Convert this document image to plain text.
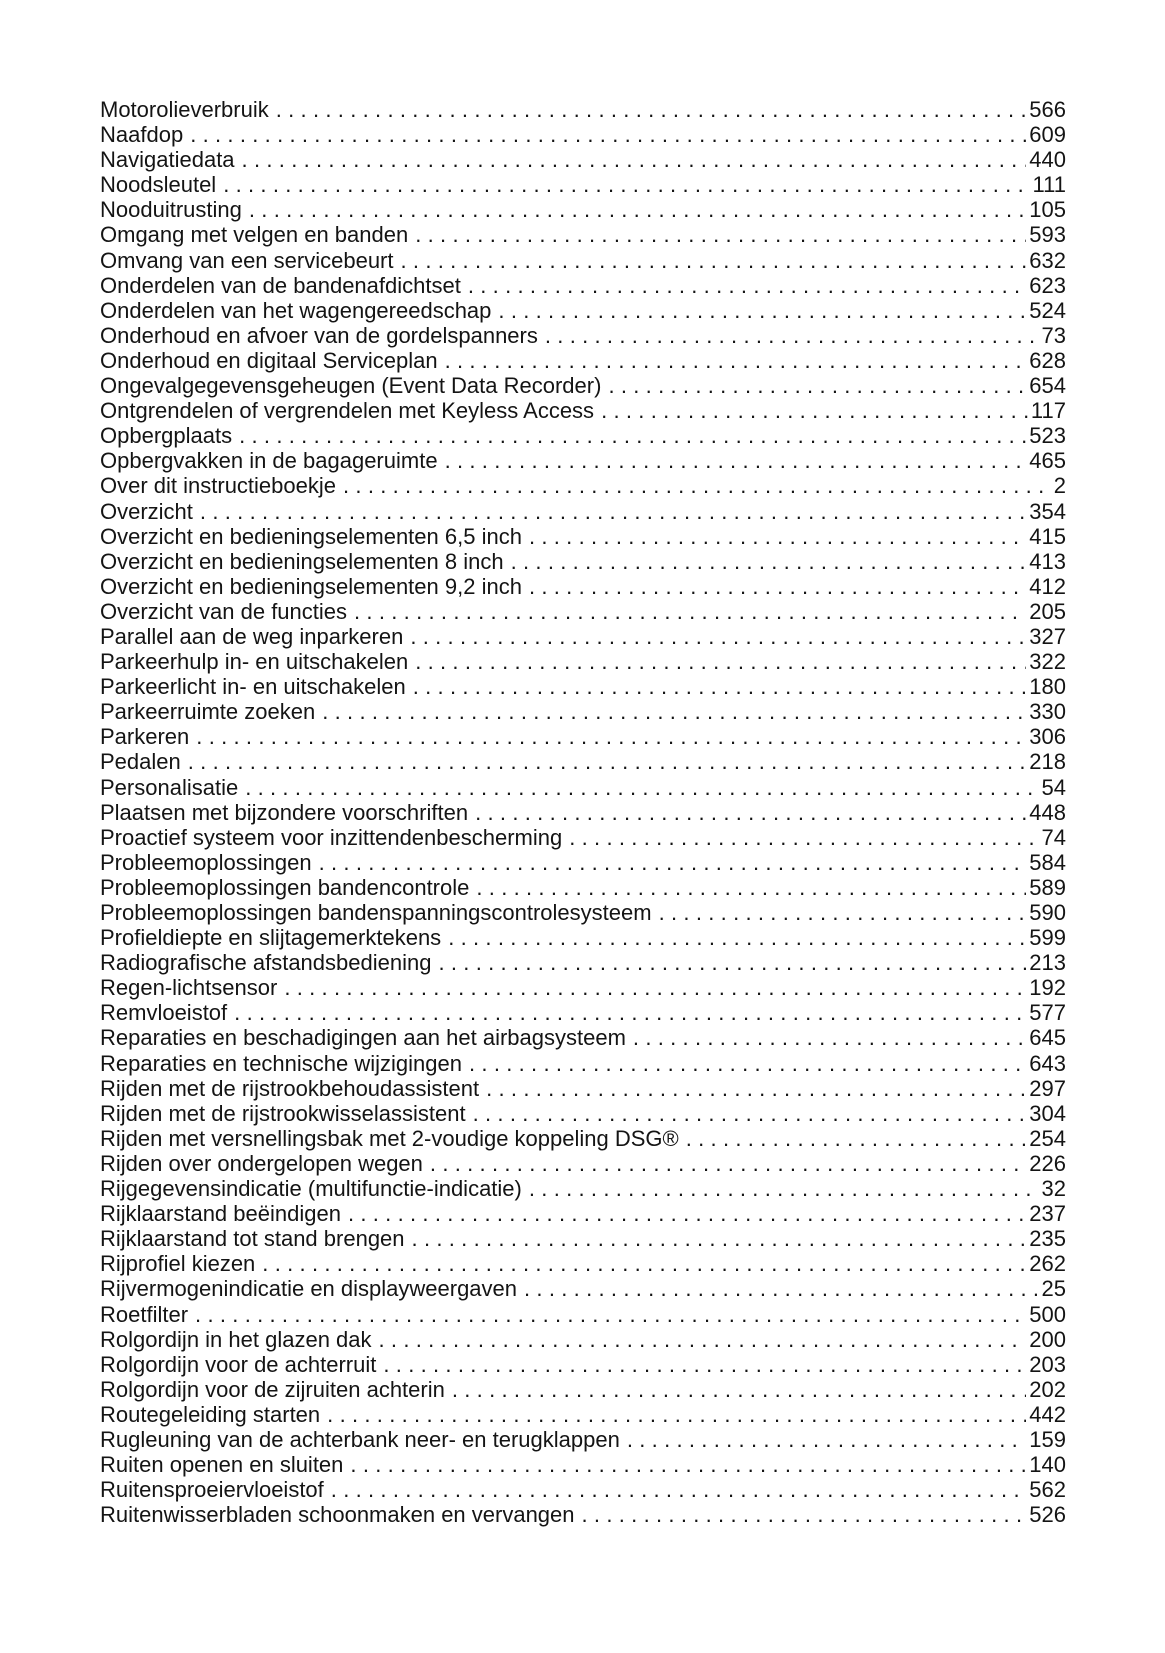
Motorolieverbruik .....	566
Naafdop .....	609
Navigatiedata .....	440
Noodsleutel .....	111
Nooduitrusting .....	105
Omgang met velgen en banden .....	593
Omvang van een servicebeurt .....	632
Onderdelen van de bandenafdichtset .....	623
Onderdelen van het wagengereedschap .....	524
Onderhoud en afvoer van de gordelspanners .....	73
Onderhoud en digitaal Serviceplan .....	628
Ongevalgegevensgeheugen (Event Data Recorder) .....	654
Ontgrendelen of vergrendelen met Keyless Access .....	117
Opbergplaats .....	523
Opbergvakken in de bagageruimte .....	465
Over dit instructieboekje .....	2
Overzicht .....	354
Overzicht en bedieningselementen 6,5 inch .....	415
Overzicht en bedieningselementen 8 inch .....	413
Overzicht en bedieningselementen 9,2 inch .....	412
Overzicht van de functies .....	205
Parallel aan de weg inparkeren .....	327
Parkeerhulp in- en uitschakelen .....	322
Parkeerlicht in- en uitschakelen .....	180
Parkeerruimte zoeken .....	330
Parkeren .....	306
Pedalen .....	218
Personalisatie .....	54
Plaatsen met bijzondere voorschriften .....	448
Proactief systeem voor inzittendenbescherming .....	74
Probleemoplossingen .....	584
Probleemoplossingen bandencontrole .....	589
Probleemoplossingen bandenspanningscontrolesysteem .....	590
Profieldiepte en slijtagemerktekens .....	599
Radiografische afstandsbediening .....	213
Regen-lichtsensor .....	192
Remvloeistof .....	577
Reparaties en beschadigingen aan het airbagsysteem .....	645
Reparaties en technische wijzigingen .....	643
Rijden met de rijstrookbehoudassistent .....	297
Rijden met de rijstrookwisselassistent .....	304
Rijden met versnellingsbak met 2-voudige koppeling DSG® .....	254
Rijden over ondergelopen wegen .....	226
Rijgegevensindicatie (multifunctie-indicatie) .....	32
Rijklaarstand beëindigen .....	237
Rijklaarstand tot stand brengen .....	235
Rijprofiel kiezen .....	262
Rijvermogenindicatie en displayweergaven .....	25
Roetfilter .....	500
Rolgordijn in het glazen dak .....	200
Rolgordijn voor de achterruit .....	203
Rolgordijn voor de zijruiten achterin .....	202
Routegeleiding starten .....	442
Rugleuning van de achterbank neer- en terugklappen .....	159
Ruiten openen en sluiten .....	140
Ruitensproeiervloeistof .....	562
Ruitenwisserbladen schoonmaken en vervangen .....	526
